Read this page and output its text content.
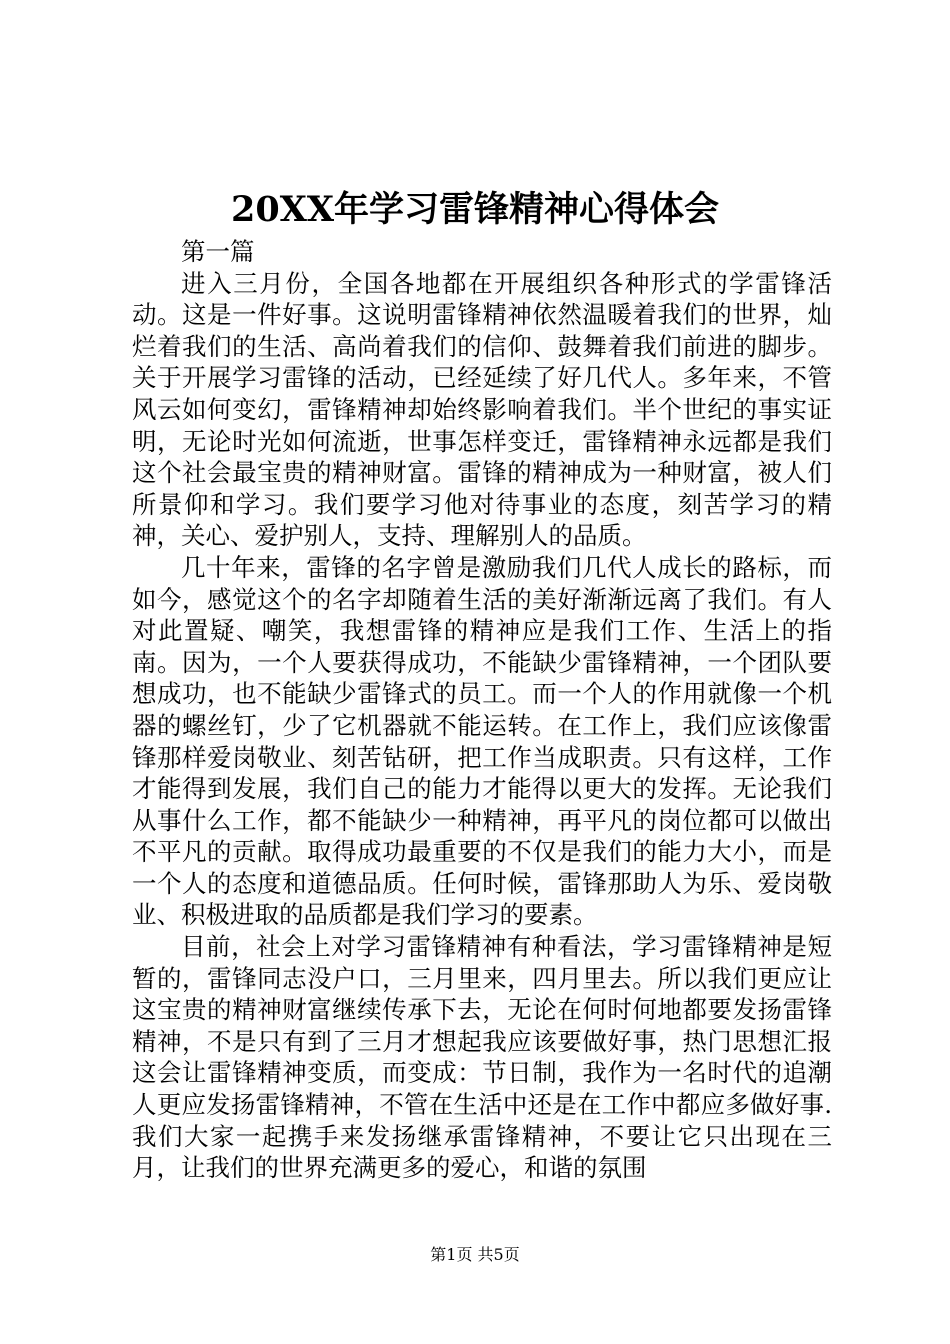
20XX年学习雷锋精神心得体会

第一篇

进入三月份，全国各地都在开展组织各种形式的学雷锋活动。这是一件好事。这说明雷锋精神依然温暖着我们的世界，灿烂着我们的生活、高尚着我们的信仰、鼓舞着我们前进的脚步。关于开展学习雷锋的活动，已经延续了好几代人。多年来，不管风云如何变幻，雷锋精神却始终影响着我们。半个世纪的事实证明，无论时光如何流逝，世事怎样变迁，雷锋精神永远都是我们这个社会最宝贵的精神财富。雷锋的精神成为一种财富，被人们所景仰和学习。我们要学习他对待事业的态度，刻苦学习的精神，关心、爱护别人，支持、理解别人的品质。

几十年来，雷锋的名字曾是激励我们几代人成长的路标，而如今，感觉这个的名字却随着生活的美好渐渐远离了我们。有人对此置疑、嘲笑，我想雷锋的精神应是我们工作、生活上的指南。因为，一个人要获得成功，不能缺少雷锋精神，一个团队要想成功，也不能缺少雷锋式的员工。而一个人的作用就像一个机器的螺丝钉，少了它机器就不能运转。在工作上，我们应该像雷锋那样爱岗敬业、刻苦钻研，把工作当成职责。只有这样，工作才能得到发展，我们自己的能力才能得以更大的发挥。无论我们从事什么工作，都不能缺少一种精神，再平凡的岗位都可以做出不平凡的贡献。取得成功最重要的不仅是我们的能力大小，而是一个人的态度和道德品质。任何时候，雷锋那助人为乐、爱岗敬业、积极进取的品质都是我们学习的要素。

目前，社会上对学习雷锋精神有种看法，学习雷锋精神是短暂的，雷锋同志没户口，三月里来，四月里去。所以我们更应让这宝贵的精神财富继续传承下去，无论在何时何地都要发扬雷锋精神，不是只有到了三月才想起我应该要做好事，热门思想汇报这会让雷锋精神变质，而变成：节日制，我作为一名时代的追潮人更应发扬雷锋精神，不管在生活中还是在工作中都应多做好事.我们大家一起携手来发扬继承雷锋精神，不要让它只出现在三月，让我们的世界充满更多的爱心，和谐的氛围

第1页 共5页
